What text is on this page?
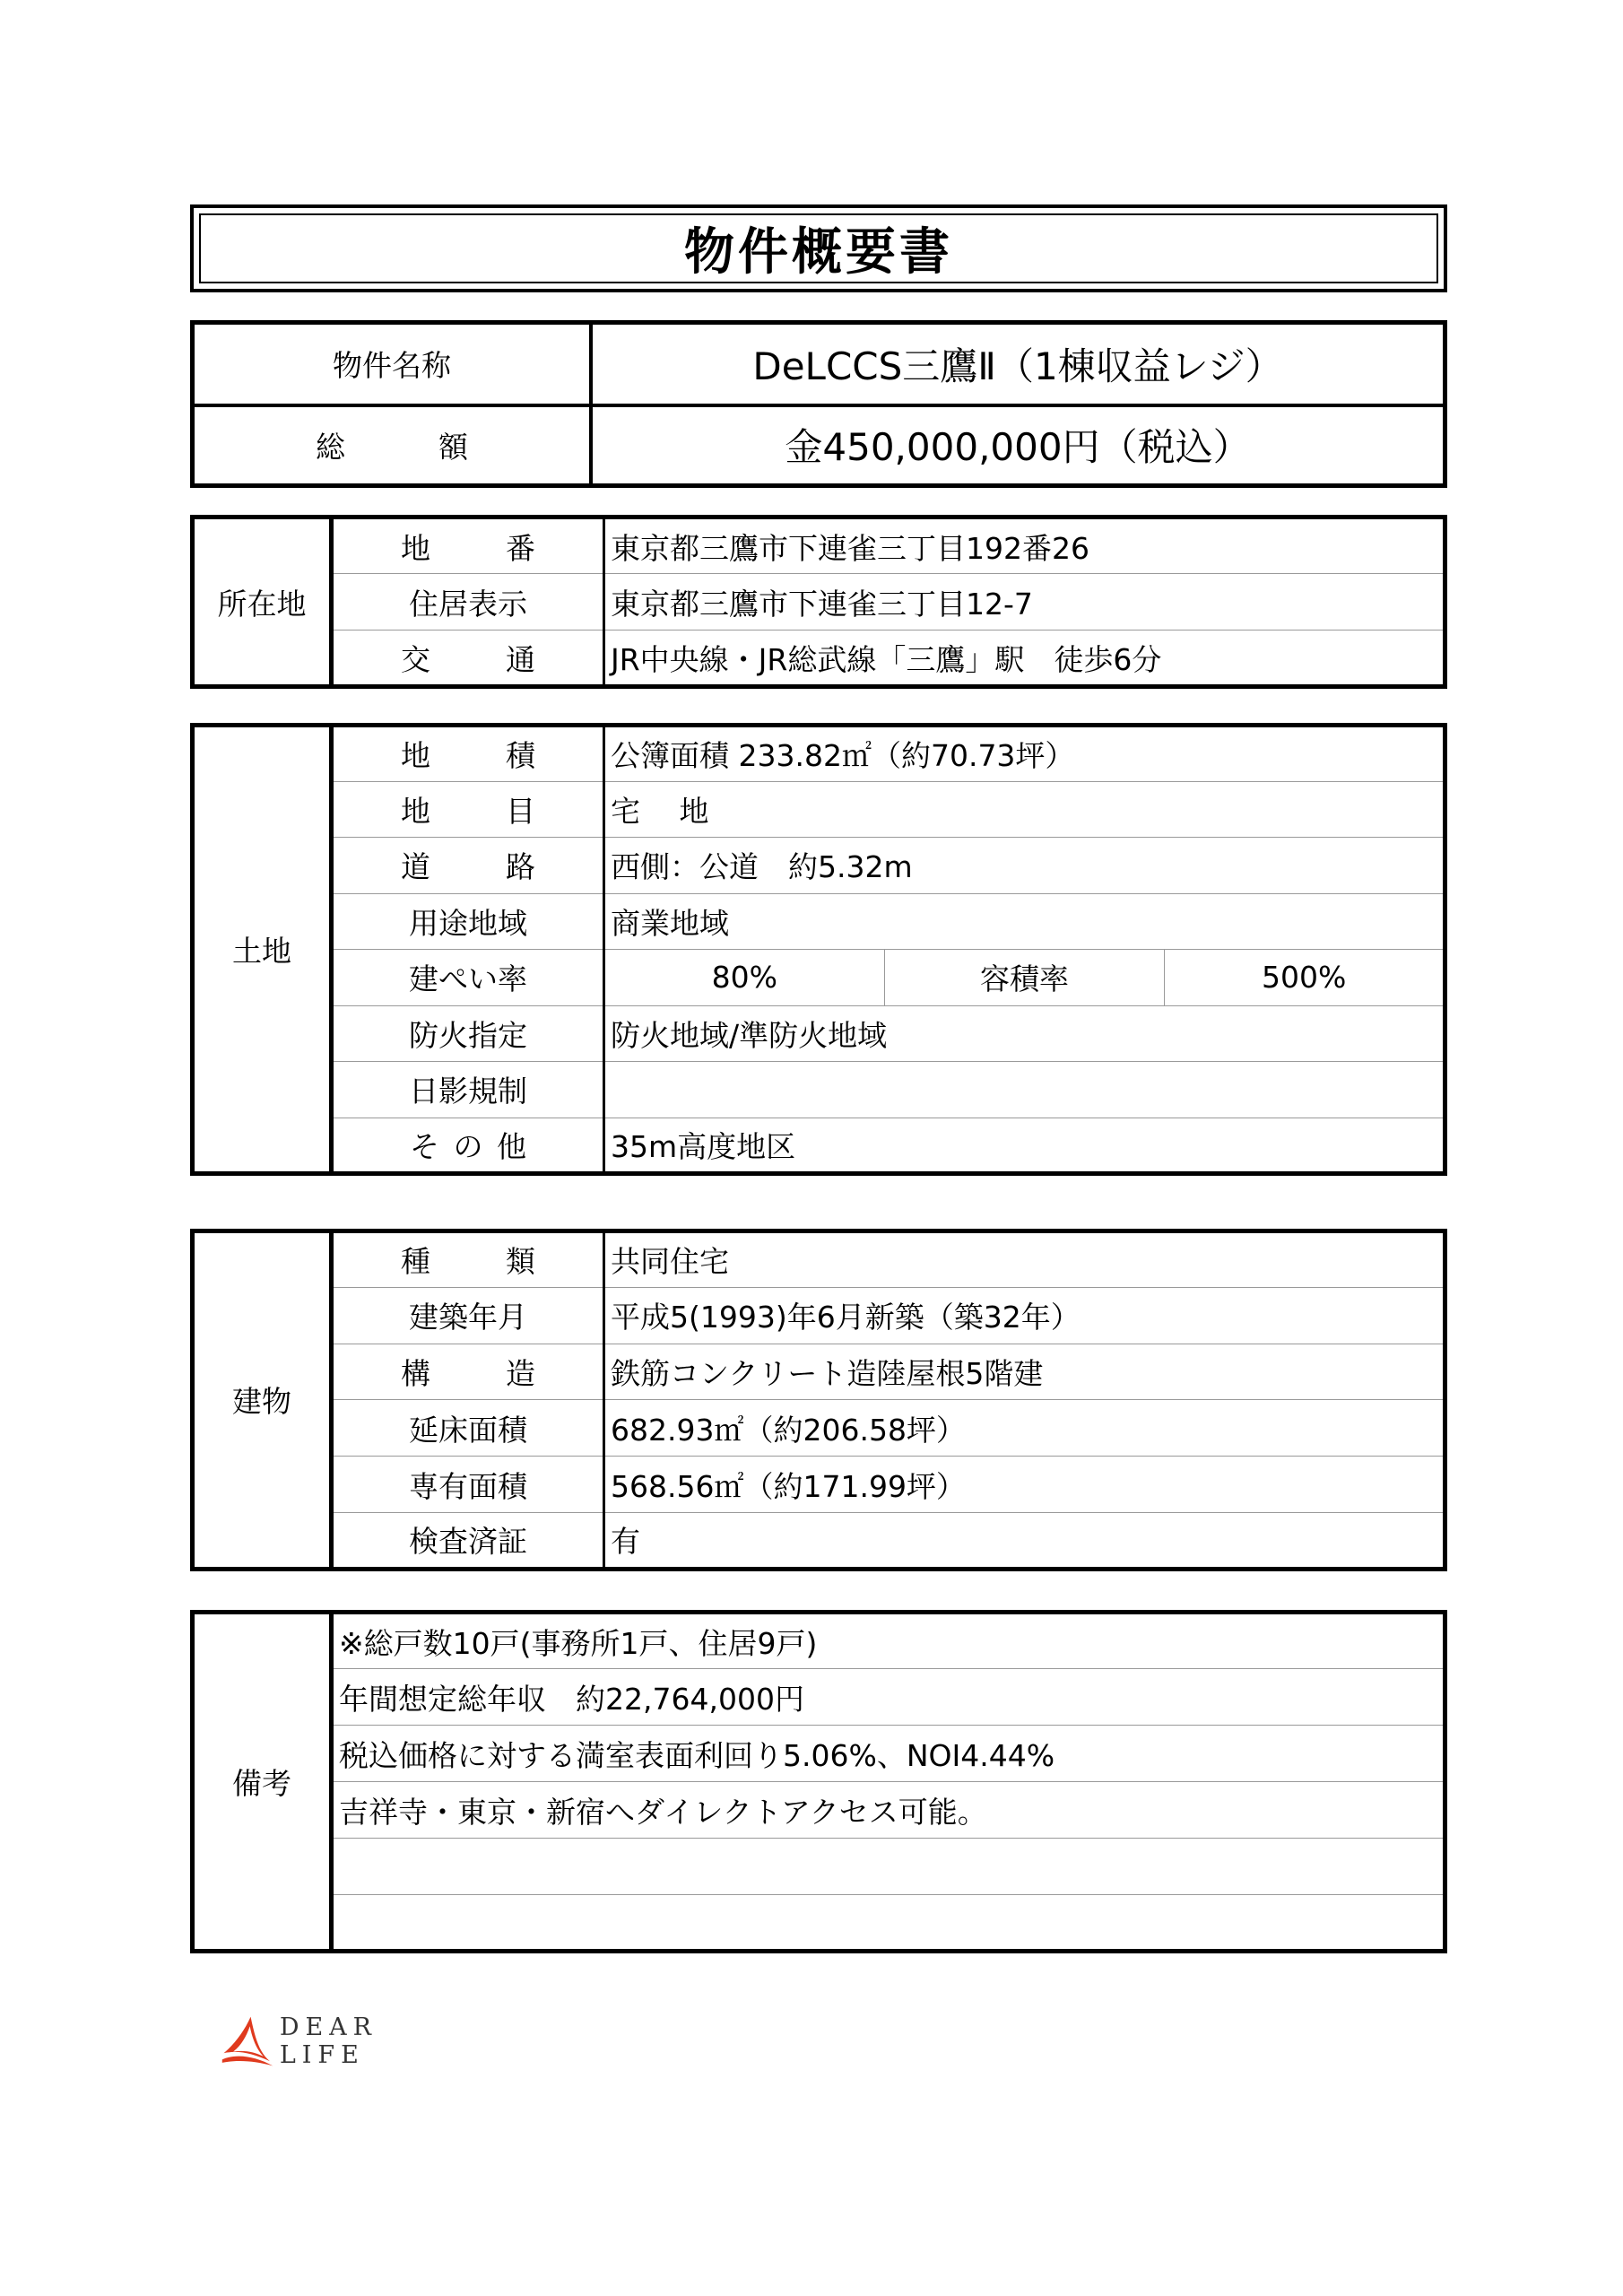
物件概要書
物件名称	DeLCCS三鷹Ⅱ（1棟収益レジ）

総 額	金450,000,000円（税込）
所在地	地 番	東京都三鷹市下連雀三丁目192番26
	住居表示	東京都三鷹市下連雀三丁目12-7

	交 通	JR中央線・JR総武線「三鷹」駅　徒歩6分
土地	地 積	公簿面積 233.82㎡（約70.73坪）		

	地 目	宅　 地		

	道 路	西側：公道　約5.32m		
	用途地域	商業地域		
	建ぺい率	80%	容積率	500%
	防火指定	防火地域/準防火地域		
	日影規制			

	そ の 他	35m高度地区		
建物	種 類	共同住宅
	建築年月	平成5(1993)年6月新築（築32年）

	構 造	鉄筋コンクリート造陸屋根5階建
	延床面積	682.93㎡（約206.58坪）
	専有面積	568.56㎡（約171.99坪）
	検査済証	有
備考	※総戸数10戸(事務所1戸、住居9戸)
年間想定総年収　約22,764,000円
税込価格に対する満室表面利回り5.06%、NOI4.44%
吉祥寺・東京・新宿へダイレクトアクセス可能。

DEAR LIFE
